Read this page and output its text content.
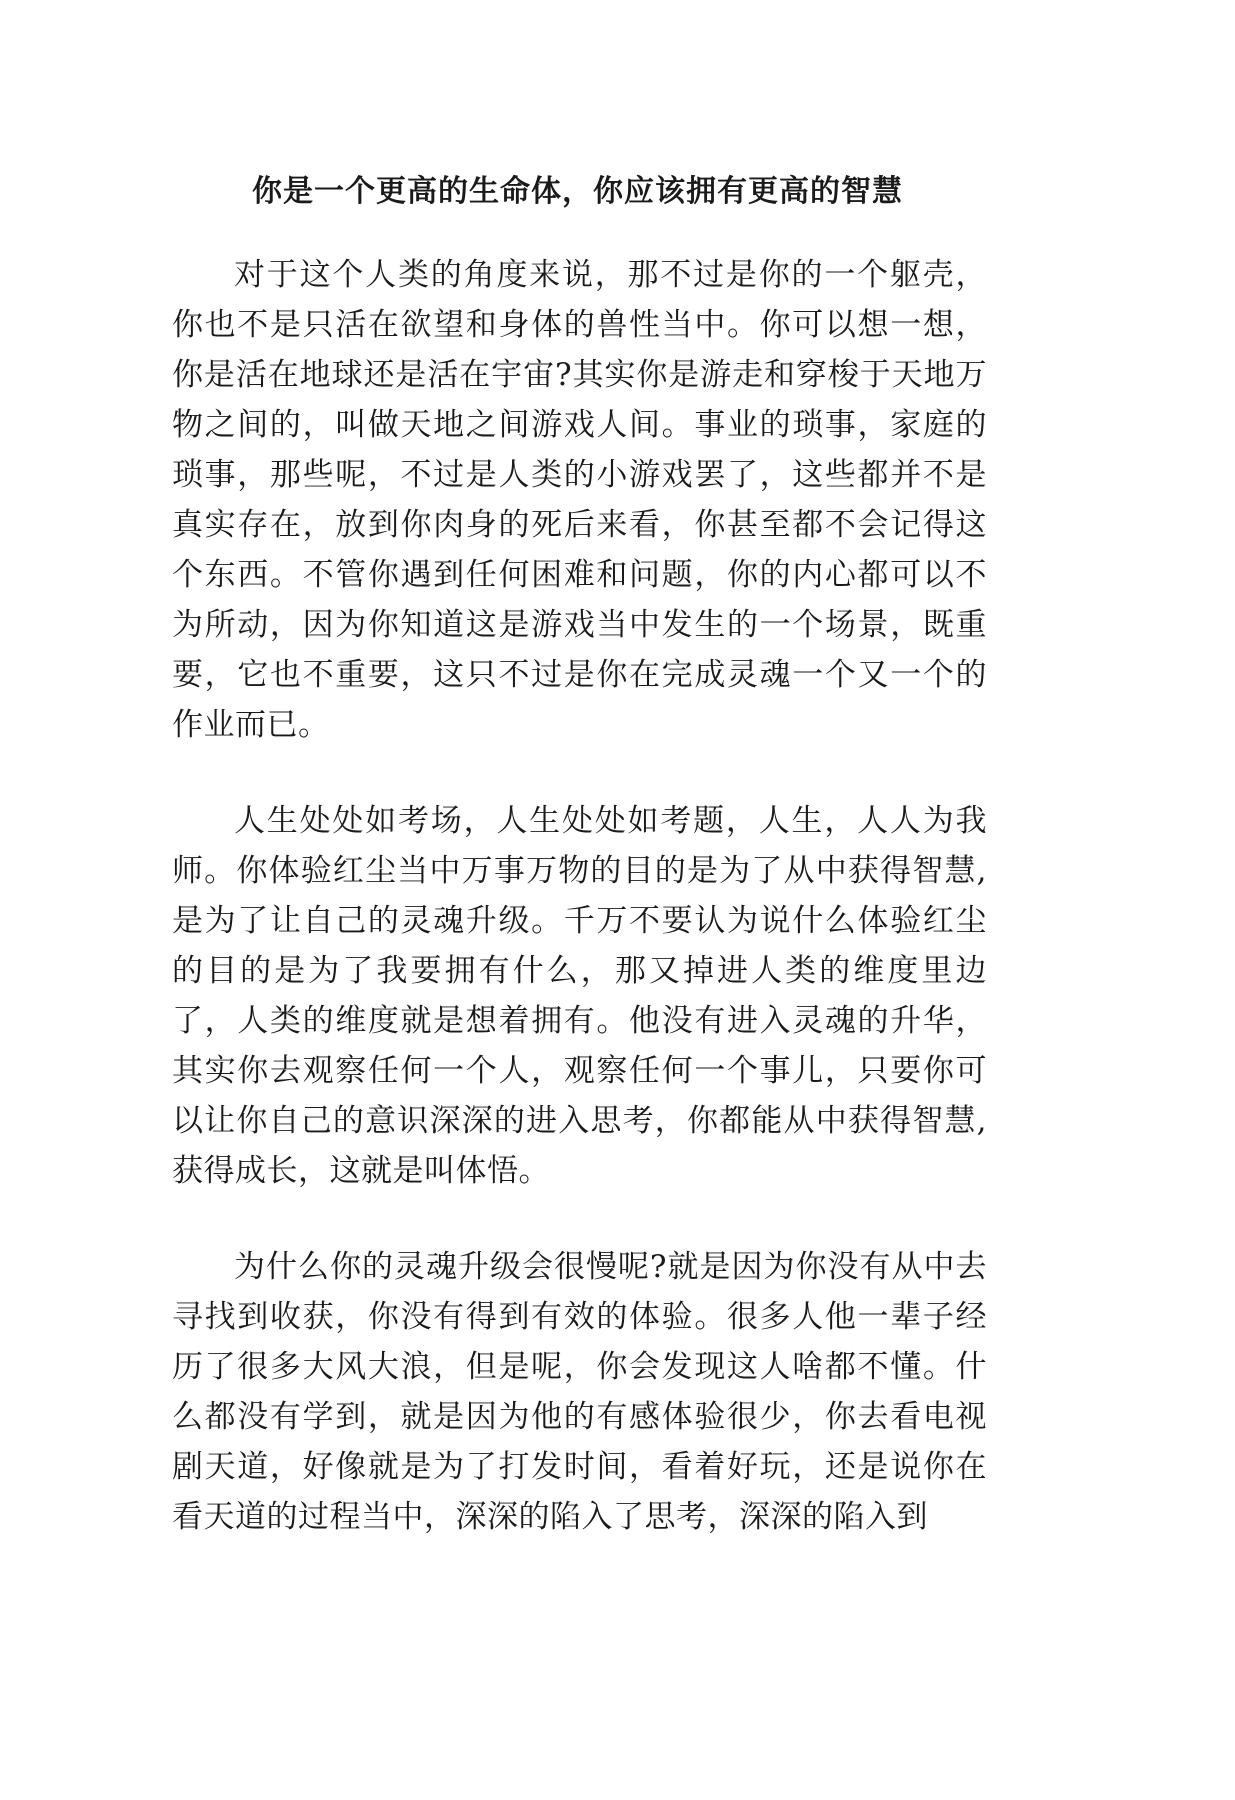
你是一个更高的生命体，你应该拥有更高的智慧

对于这个人类的角度来说，那不过是你的一个躯壳，你也不是只活在欲望和身体的兽性当中。你可以想一想，你是活在地球还是活在宇宙?其实你是游走和穿梭于天地万物之间的，叫做天地之间游戏人间。事业的琐事，家庭的琐事，那些呢，不过是人类的小游戏罢了，这些都并不是真实存在，放到你肉身的死后来看，你甚至都不会记得这个东西。不管你遇到任何困难和问题，你的内心都可以不为所动，因为你知道这是游戏当中发生的一个场景，既重要，它也不重要，这只不过是你在完成灵魂一个又一个的作业而已。

人生处处如考场，人生处处如考题，人生，人人为我师。你体验红尘当中万事万物的目的是为了从中获得智慧,是为了让自己的灵魂升级。千万不要认为说什么体验红尘的目的是为了我要拥有什么，那又掉进人类的维度里边了，人类的维度就是想着拥有。他没有进入灵魂的升华，其实你去观察任何一个人，观察任何一个事儿，只要你可以让你自己的意识深深的进入思考，你都能从中获得智慧,获得成长，这就是叫体悟。

为什么你的灵魂升级会很慢呢?就是因为你没有从中去寻找到收获，你没有得到有效的体验。很多人他一辈子经历了很多大风大浪，但是呢，你会发现这人啥都不懂。什么都没有学到，就是因为他的有感体验很少，你去看电视剧天道，好像就是为了打发时间，看着好玩，还是说你在看天道的过程当中，深深的陷入了思考，深深的陷入到
